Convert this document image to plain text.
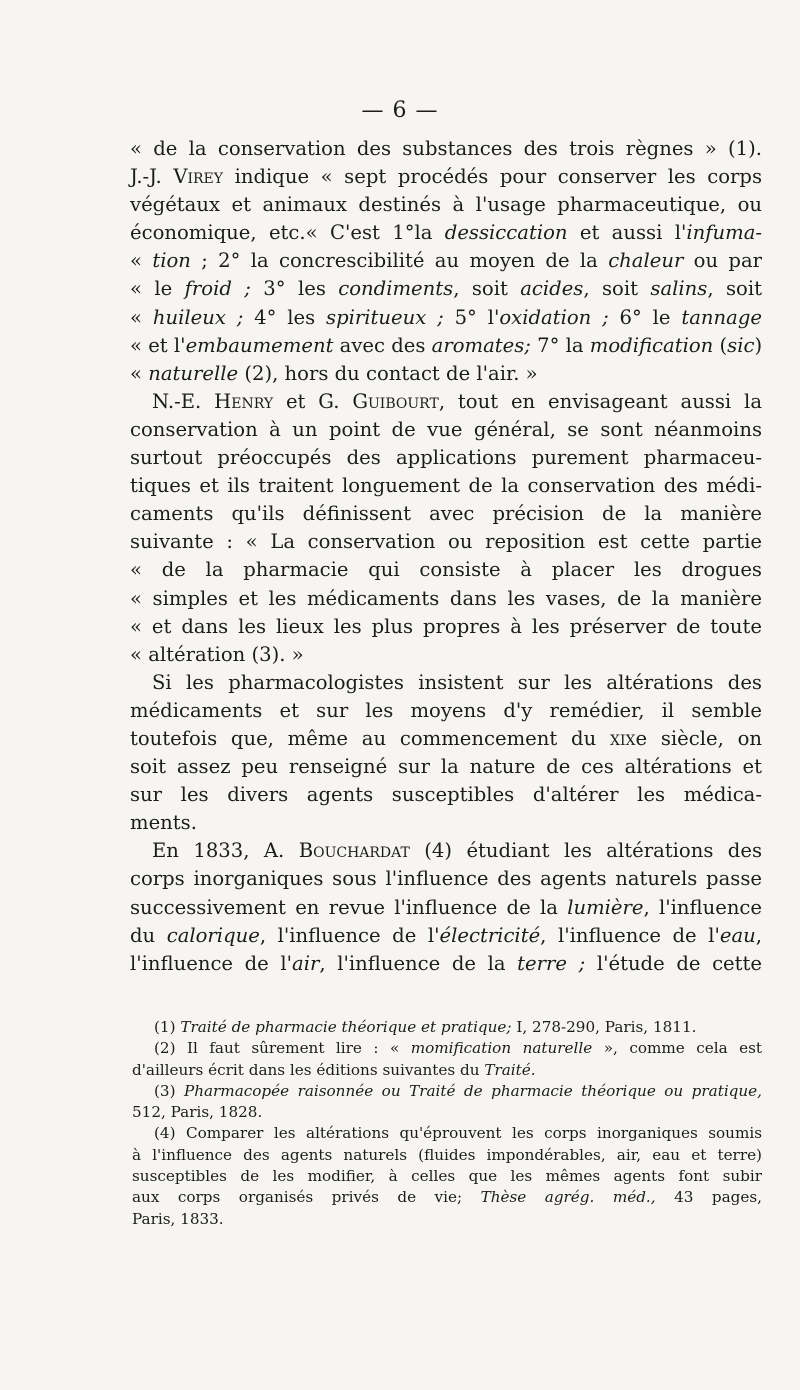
— 6 —
« de la conservation des substances des trois règnes » (1).
J.-J. Virey indique « sept procédés pour conserver les corps
végétaux et animaux destinés à l'usage pharmaceutique, ou
économique, etc.« C'est 1°la dessiccation et aussi l'infuma-
« tion ; 2° la concrescibilité au moyen de la chaleur ou par
« le froid ; 3° les condiments, soit acides, soit salins, soit
« huileux ; 4° les spiritueux ; 5° l'oxidation ; 6° le tannage
« et l'embaumement avec des aromates; 7° la modification (sic)
« naturelle (2), hors du contact de l'air. »
N.-E. Henry et G. Guibourt, tout en envisageant aussi la
conservation à un point de vue général, se sont néanmoins
surtout préoccupés des applications purement pharmaceu-
tiques et ils traitent longuement de la conservation des médi-
caments qu'ils définissent avec précision de la manière
suivante : « La conservation ou reposition est cette partie
« de la pharmacie qui consiste à placer les drogues
« simples et les médicaments dans les vases, de la manière
« et dans les lieux les plus propres à les préserver de toute
« altération (3). »
Si les pharmacologistes insistent sur les altérations des
médicaments et sur les moyens d'y remédier, il semble
toutefois que, même au commencement du xixe siècle, on
soit assez peu renseigné sur la nature de ces altérations et
sur les divers agents susceptibles d'altérer les médica-
ments.
En 1833, A. Bouchardat (4) étudiant les altérations des
corps inorganiques sous l'influence des agents naturels passe
successivement en revue l'influence de la lumière, l'influence
du calorique, l'influence de l'électricité, l'influence de l'eau,
l'influence de l'air, l'influence de la terre ; l'étude de cette
(1) Traité de pharmacie théorique et pratique; I, 278-290, Paris, 1811.
(2) Il faut sûrement lire : « momification naturelle », comme cela est
d'ailleurs écrit dans les éditions suivantes du Traité.
(3) Pharmacopée raisonnée ou Traité de pharmacie théorique ou pratique,
512, Paris, 1828.
(4) Comparer les altérations qu'éprouvent les corps inorganiques soumis
à l'influence des agents naturels (fluides impondérables, air, eau et terre)
susceptibles de les modifier, à celles que les mêmes agents font subir
aux corps organisés privés de vie; Thèse agrég. méd., 43 pages,
Paris, 1833.
